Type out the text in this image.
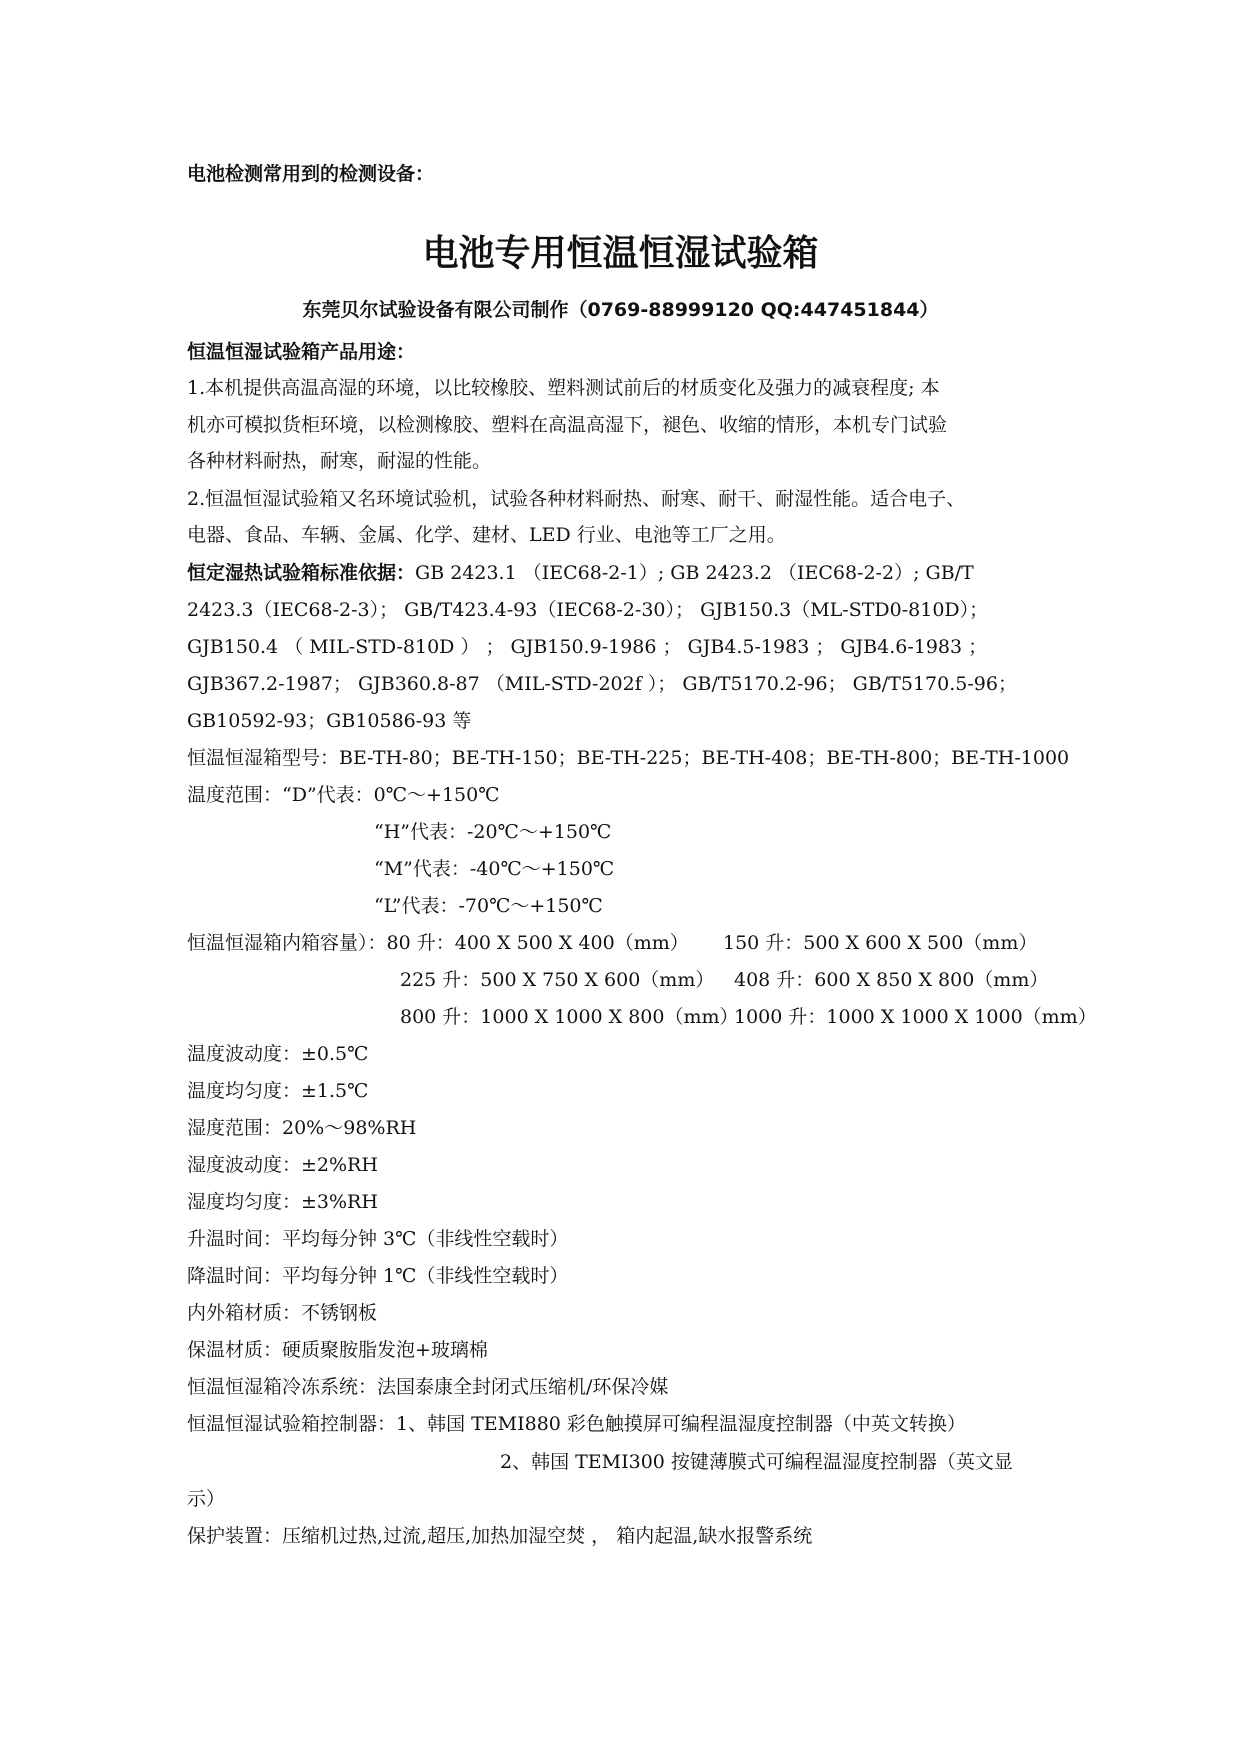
电池检测常用到的检测设备：
电池专用恒温恒湿试验箱
东莞贝尔试验设备有限公司制作（0769-88999120 QQ:447451844）
恒温恒湿试验箱产品用途：
1.本机提供高温高湿的环境，以比较橡胶、塑料测试前后的材质变化及强力的减衰程度; 本
机亦可模拟货柜环境，以检测橡胶、塑料在高温高湿下，褪色、收缩的情形，本机专门试验
各种材料耐热，耐寒，耐湿的性能。
2.恒温恒湿试验箱又名环境试验机，试验各种材料耐热、耐寒、耐干、耐湿性能。适合电子、
电器、食品、车辆、金属、化学、建材、LED 行业、电池等工厂之用。
恒定湿热试验箱标准依据：GB 2423.1 （IEC68-2-1）; GB 2423.2 （IEC68-2-2）; GB/T
2423.3（IEC68-2-3）； GB/T423.4-93（IEC68-2-30）； GJB150.3（ML-STD0-810D）；
GJB150.4 （ MIL-STD-810D ） ； GJB150.9-1986 ； GJB4.5-1983 ； GJB4.6-1983 ；
GJB367.2-1987； GJB360.8-87 （MIL-STD-202f ）； GB/T5170.2-96； GB/T5170.5-96；
GB10592-93；GB10586-93 等
恒温恒湿箱型号：BE-TH-80；BE-TH-150；BE-TH-225；BE-TH-408；BE-TH-800；BE-TH-1000
温度范围：“D”代表：0℃～+150℃
“H”代表：-20℃～+150℃
“M”代表：-40℃～+150℃
“L”代表：-70℃～+150℃
恒温恒湿箱内箱容量）：80 升：400 X 500 X 400（mm） 150 升：500 X 600 X 500（mm）
225 升：500 X 750 X 600（mm） 408 升：600 X 850 X 800（mm）
800 升：1000 X 1000 X 800（mm）
1000 升：1000 X 1000 X 1000（mm）
温度波动度：±0.5℃
温度均匀度：±1.5℃
湿度范围：20%～98%RH
湿度波动度：±2%RH
湿度均匀度：±3%RH
升温时间：平均每分钟 3℃（非线性空载时）
降温时间：平均每分钟 1℃（非线性空载时）
内外箱材质：不锈钢板
保温材质：硬质聚胺脂发泡+玻璃棉
恒温恒湿箱冷冻系统：法国泰康全封闭式压缩机/环保冷媒
恒温恒湿试验箱控制器：1、韩国 TEMI880 彩色触摸屏可编程温湿度控制器（中英文转换）
2、韩国 TEMI300 按键薄膜式可编程温湿度控制器（英文显
示）
保护装置：压缩机过热,过流,超压,加热加湿空焚 ， 箱内起温,缺水报警系统
